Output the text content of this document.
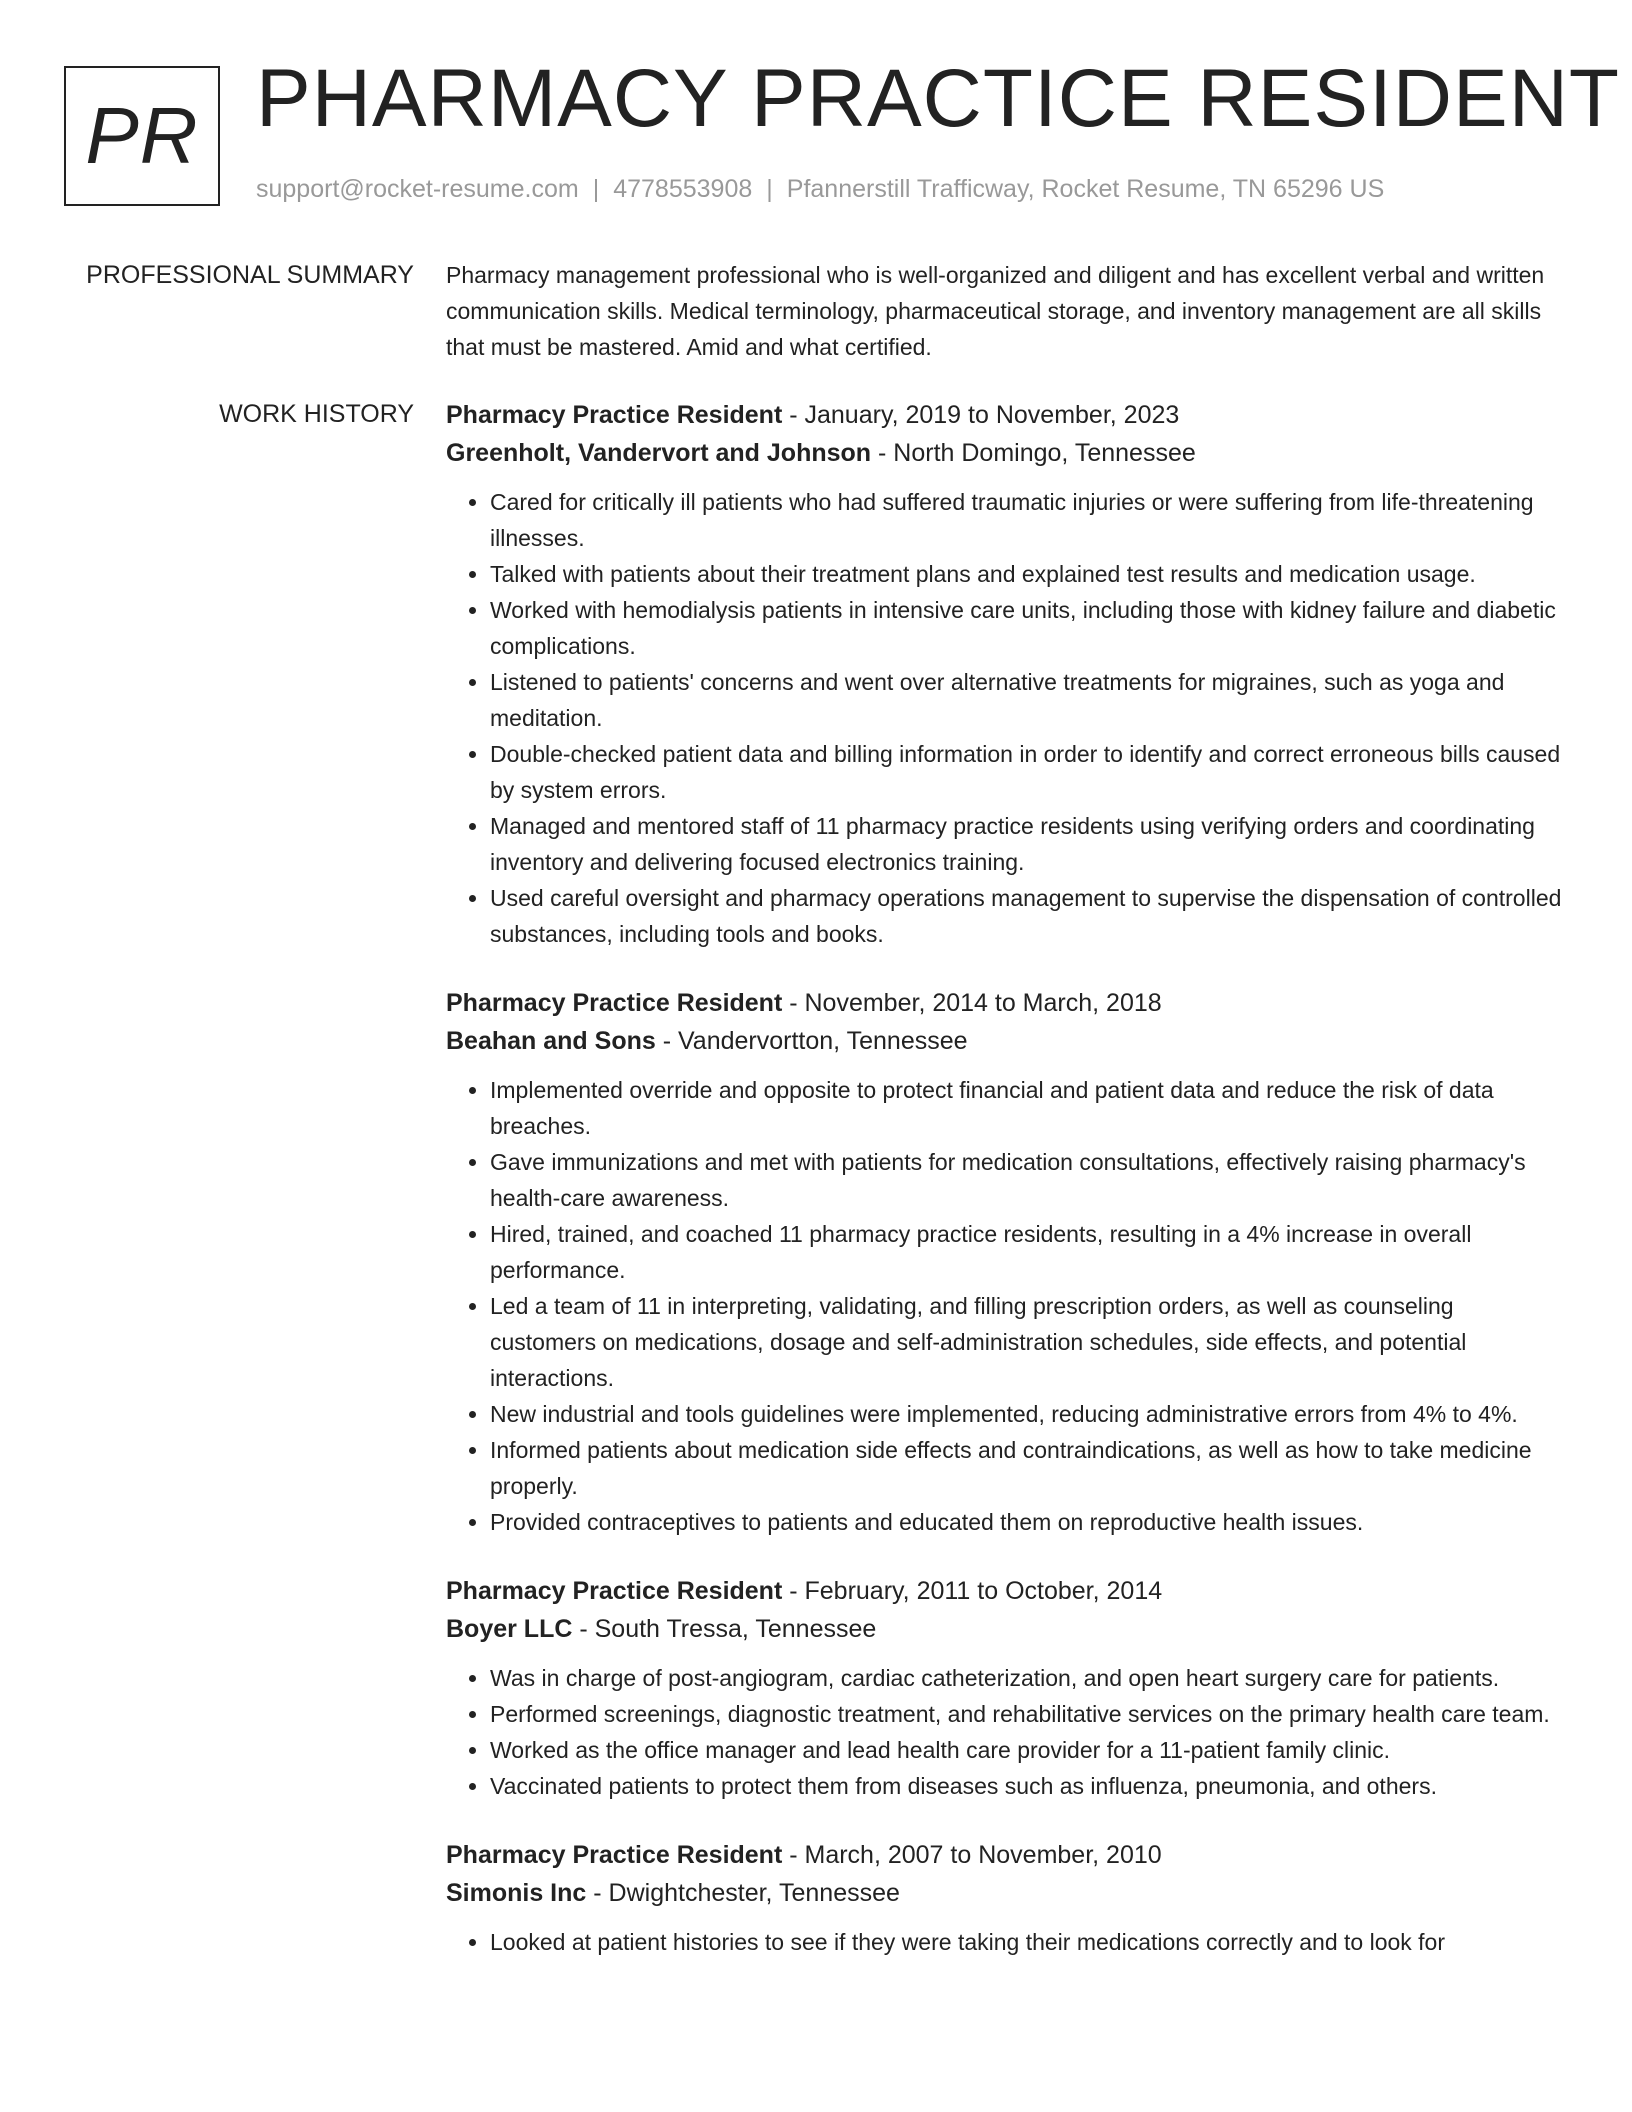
PR PHARMACY PRACTICE RESIDENT
support@rocket-resume.com | 4778553908 | Pfannerstill Trafficway, Rocket Resume, TN 65296 US
PROFESSIONAL SUMMARY Pharmacy management professional who is well-organized and diligent and has excellent verbal and written communication skills. Medical terminology, pharmaceutical storage, and inventory management are all skills that must be mastered. Amid and what certified.

WORK HISTORY Pharmacy Practice Resident - January, 2019 to November, 2023
Greenholt, Vandervort and Johnson - North Domingo, Tennessee
• Cared for critically ill patients who had suffered traumatic injuries or were suffering from life-threatening illnesses.
• Talked with patients about their treatment plans and explained test results and medication usage.
• Worked with hemodialysis patients in intensive care units, including those with kidney failure and diabetic complications.
• Listened to patients' concerns and went over alternative treatments for migraines, such as yoga and meditation.
• Double-checked patient data and billing information in order to identify and correct erroneous bills caused by system errors.
• Managed and mentored staff of 11 pharmacy practice residents using verifying orders and coordinating inventory and delivering focused electronics training.
• Used careful oversight and pharmacy operations management to supervise the dispensation of controlled substances, including tools and books.
Pharmacy Practice Resident - November, 2014 to March, 2018
Beahan and Sons - Vandervortton, Tennessee
• Implemented override and opposite to protect financial and patient data and reduce the risk of data breaches.
• Gave immunizations and met with patients for medication consultations, effectively raising pharmacy's health-care awareness.
• Hired, trained, and coached 11 pharmacy practice residents, resulting in a 4% increase in overall performance.
• Led a team of 11 in interpreting, validating, and filling prescription orders, as well as counseling customers on medications, dosage and self-administration schedules, side effects, and potential interactions.
• New industrial and tools guidelines were implemented, reducing administrative errors from 4% to 4%.
• Informed patients about medication side effects and contraindications, as well as how to take medicine properly.
• Provided contraceptives to patients and educated them on reproductive health issues.
Pharmacy Practice Resident - February, 2011 to October, 2014
Boyer LLC - South Tressa, Tennessee
• Was in charge of post-angiogram, cardiac catheterization, and open heart surgery care for patients.
• Performed screenings, diagnostic treatment, and rehabilitative services on the primary health care team.
• Worked as the office manager and lead health care provider for a 11-patient family clinic.
• Vaccinated patients to protect them from diseases such as influenza, pneumonia, and others.
Pharmacy Practice Resident - March, 2007 to November, 2010
Simonis Inc - Dwightchester, Tennessee
• Looked at patient histories to see if they were taking their medications correctly and to look for
